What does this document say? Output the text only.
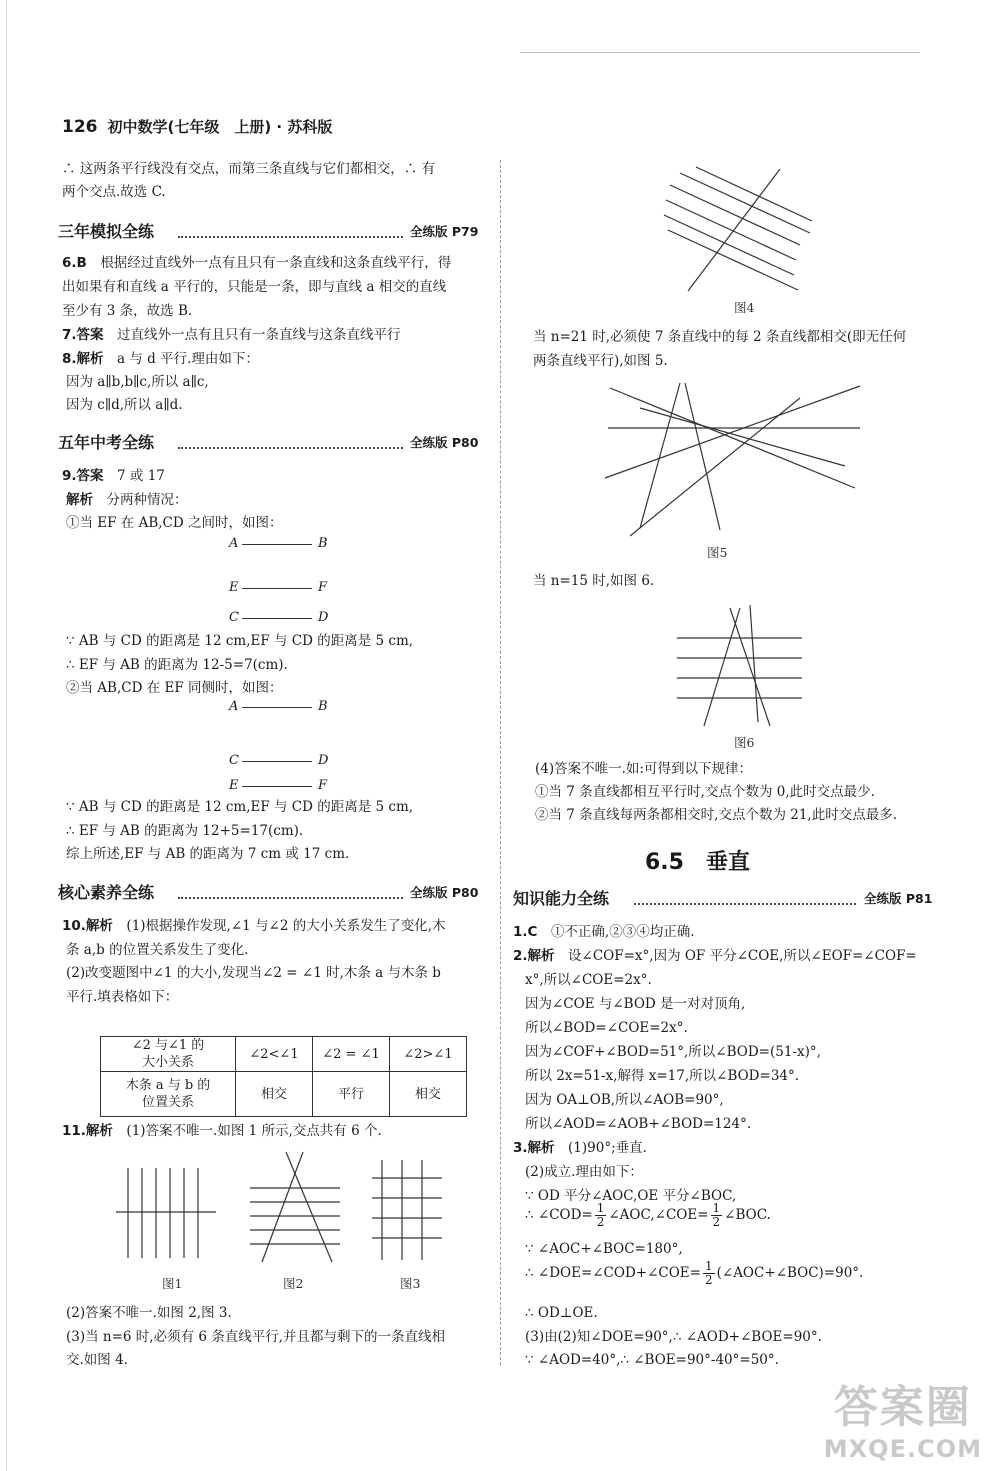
126 初中数学(七年级　上册) · 苏科版
∴ 这两条平行线没有交点，而第三条直线与它们都相交，∴ 有
两个交点.故选 C.
三年模拟全练	全练版 P79
6.B　 根据经过直线外一点有且只有一条直线和这条直线平行，得
出如果有和直线 a 平行的，只能是一条，即与直线 a 相交的直线
至少有 3 条，故选 B.
7.答案　 过直线外一点有且只有一条直线与这条直线平行
8.解析　 a 与 d 平行.理由如下：
因为 a∥b,b∥c,所以 a∥c,
因为 c∥d,所以 a∥d.
五年中考全练	全练版 P80
9.答案　 7 或 17
解析　 分两种情况：
①当 EF 在 AB,CD 之间时，如图：
A	B
E	F
C	D
∵ AB 与 CD 的距离是 12 cm,EF 与 CD 的距离是 5 cm,
∴ EF 与 AB 的距离为 12-5=7(cm).
②当 AB,CD 在 EF 同侧时，如图：
A	B
C	D
E	F
∵ AB 与 CD 的距离是 12 cm,EF 与 CD 的距离是 5 cm,
∴ EF 与 AB 的距离为 12+5=17(cm).
综上所述,EF 与 AB 的距离为 7 cm 或 17 cm.
核心素养全练	全练版 P80
10.解析　 (1)根据操作发现,∠1 与∠2 的大小关系发生了变化,木
条 a,b 的位置关系发生了变化.
(2)改变题图中∠1 的大小,发现当∠2 = ∠1 时,木条 a 与木条 b
平行.填表格如下：
∠2 与∠1 的
大小关系	∠2<∠1	∠2 = ∠1	∠2>∠1
木条 a 与 b 的
位置关系	相交	平行	相交
11.解析　 (1)答案不唯一.如图 1 所示,交点共有 6 个.
图1	图2	图3
(2)答案不唯一.如图 2,图 3.
(3)当 n=6 时,必须有 6 条直线平行,并且都与剩下的一条直线相
交.如图 4.
图4
当 n=21 时,必须使 7 条直线中的每 2 条直线都相交(即无任何
两条直线平行),如图 5.
图5
当 n=15 时,如图 6.
图6
(4)答案不唯一.如:可得到以下规律：
①当 7 条直线都相互平行时,交点个数为 0,此时交点最少.
②当 7 条直线每两条都相交时,交点个数为 21,此时交点最多.
6.5　垂直
知识能力全练	全练版 P81
1.C　 ①不正确,②③④均正确.
2.解析　 设∠COF=x°,因为 OF 平分∠COE,所以∠EOF=∠COF=
x°,所以∠COE=2x°.
因为∠COE 与∠BOD 是一对对顶角,
所以∠BOD=∠COE=2x°.
因为∠COF+∠BOD=51°,所以∠BOD=(51-x)°,
所以 2x=51-x,解得 x=17,所以∠BOD=34°.
因为 OA⊥OB,所以∠AOB=90°,
所以∠AOD=∠AOB+∠BOD=124°.
3.解析　 (1)90°;垂直.
(2)成立.理由如下：
∵ OD 平分∠AOC,OE 平分∠BOC,
∴ ∠COD= $\frac{1}{2}$ ∠AOC,∠COE= $\frac{1}{2}$ ∠BOC.
∵ ∠AOC+∠BOC=180°,
∴ ∠DOE=∠COD+∠COE= $\frac{1}{2}$ (∠AOC+∠BOC)=90°.
∴ OD⊥OE.
(3)由(2)知∠DOE=90°,∴ ∠AOD+∠BOE=90°.
∵ ∠AOD=40°,∴ ∠BOE=90°-40°=50°.
答案圈
MXQE.COM
